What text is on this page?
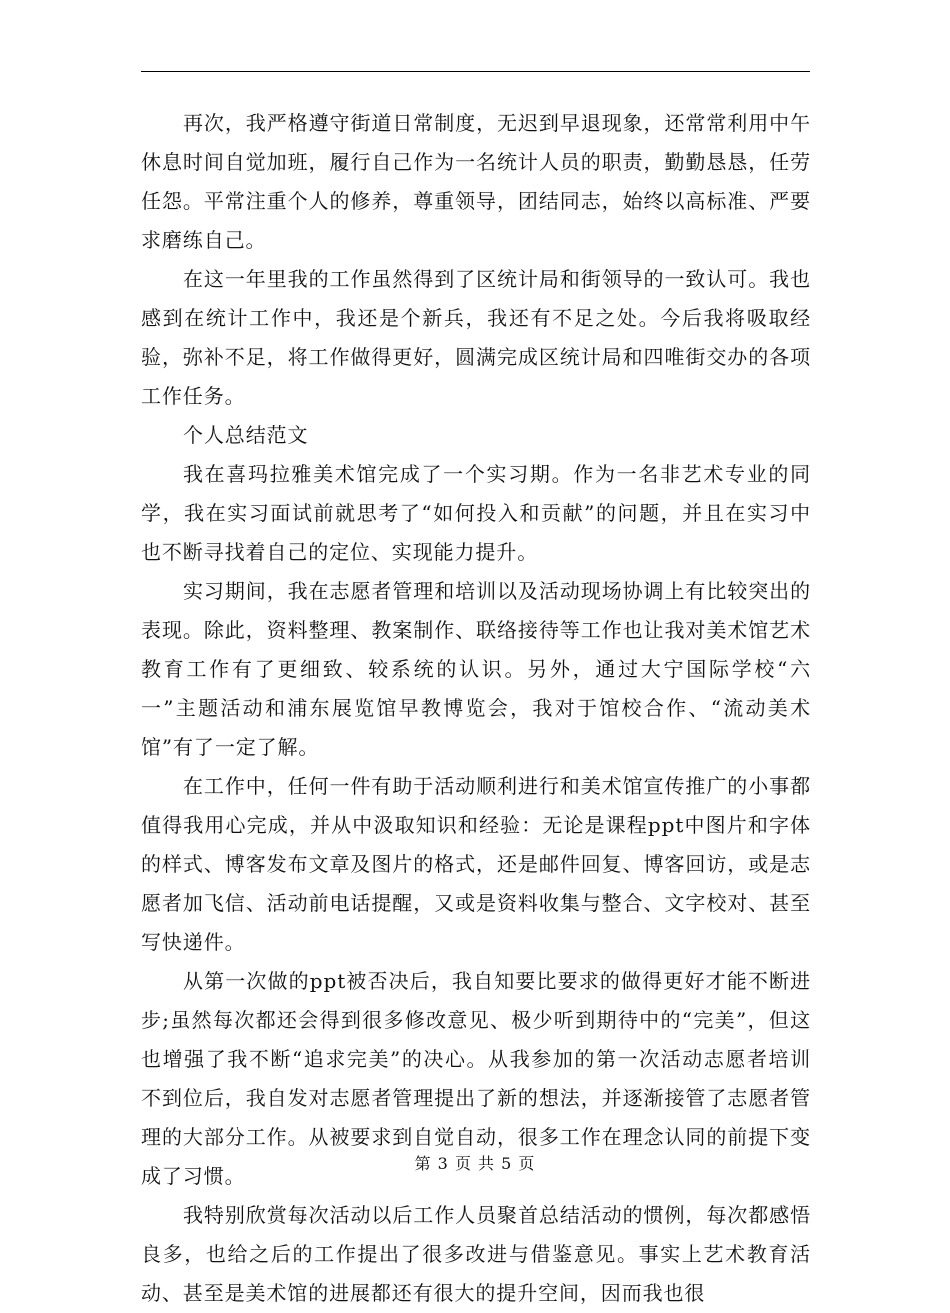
再次，我严格遵守街道日常制度，无迟到早退现象，还常常利用中午休息时间自觉加班，履行自己作为一名统计人员的职责，勤勤恳恳，任劳任怨。平常注重个人的修养，尊重领导，团结同志，始终以高标准、严要求磨练自己。

在这一年里我的工作虽然得到了区统计局和街领导的一致认可。我也感到在统计工作中，我还是个新兵，我还有不足之处。今后我将吸取经验，弥补不足，将工作做得更好，圆满完成区统计局和四唯街交办的各项工作任务。

个人总结范文

我在喜玛拉雅美术馆完成了一个实习期。作为一名非艺术专业的同学，我在实习面试前就思考了“如何投入和贡献”的问题，并且在实习中也不断寻找着自己的定位、实现能力提升。

实习期间，我在志愿者管理和培训以及活动现场协调上有比较突出的表现。除此，资料整理、教案制作、联络接待等工作也让我对美术馆艺术教育工作有了更细致、较系统的认识。另外，通过大宁国际学校“六一”主题活动和浦东展览馆早教博览会，我对于馆校合作、“流动美术馆”有了一定了解。

在工作中，任何一件有助于活动顺利进行和美术馆宣传推广的小事都值得我用心完成，并从中汲取知识和经验：无论是课程ppt中图片和字体的样式、博客发布文章及图片的格式，还是邮件回复、博客回访，或是志愿者加飞信、活动前电话提醒，又或是资料收集与整合、文字校对、甚至写快递件。

从第一次做的ppt被否决后，我自知要比要求的做得更好才能不断进步;虽然每次都还会得到很多修改意见、极少听到期待中的“完美”，但这也增强了我不断“追求完美”的决心。从我参加的第一次活动志愿者培训不到位后，我自发对志愿者管理提出了新的想法，并逐渐接管了志愿者管理的大部分工作。从被要求到自觉自动，很多工作在理念认同的前提下变成了习惯。

我特别欣赏每次活动以后工作人员聚首总结活动的惯例，每次都感悟良多，也给之后的工作提出了很多改进与借鉴意见。事实上艺术教育活动、甚至是美术馆的进展都还有很大的提升空间，因而我也很

第 3 页 共 5 页
